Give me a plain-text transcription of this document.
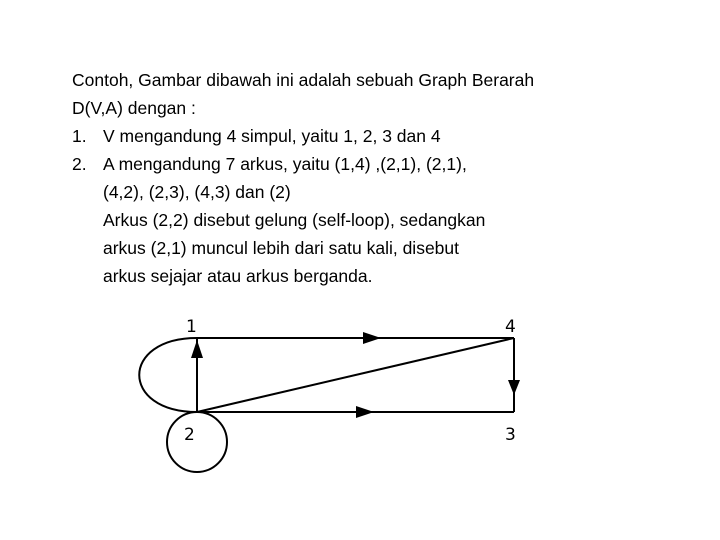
Contoh, Gambar dibawah ini adalah sebuah Graph Berarah
D(V,A) dengan :
1. V mengandung 4 simpul, yaitu 1, 2, 3 dan 4
2. A mengandung 7 arkus, yaitu (1,4) ,(2,1), (2,1),
(4,2), (2,3), (4,3) dan (2)
Arkus (2,2) disebut gelung (self-loop), sedangkan
arkus (2,1) muncul lebih dari satu kali, disebut
arkus sejajar atau arkus berganda.
1
2	3
4
